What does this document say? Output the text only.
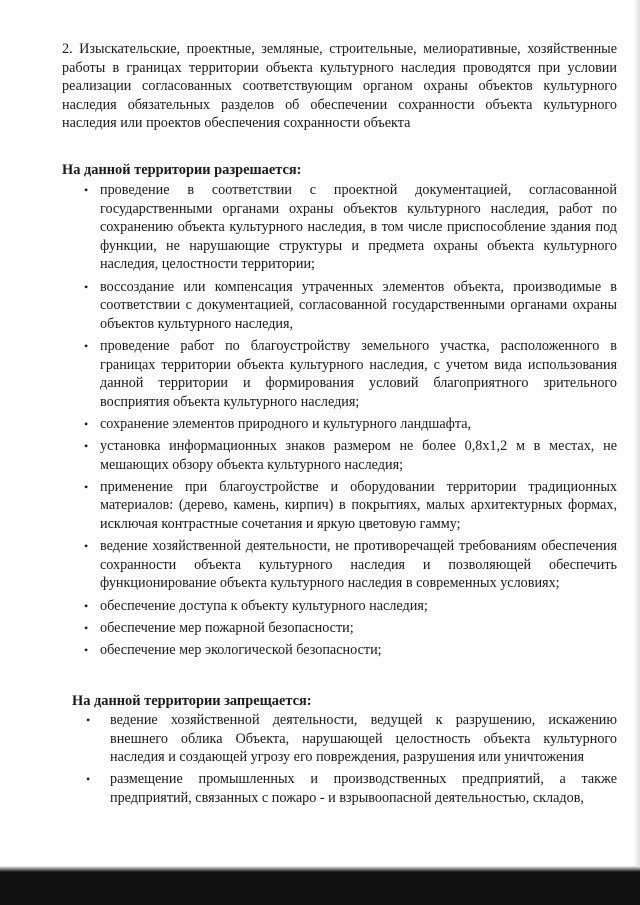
2. Изыскательские, проектные, земляные, строительные, мелиоративные, хозяйственные работы в границах территории объекта культурного наследия проводятся при условии реализации согласованных соответствующим органом охраны объектов культурного наследия обязательных разделов об обеспечении сохранности объекта культурного наследия или проектов обеспечения сохранности объекта

На данной территории разрешается:

• проведение в соответствии с проектной документацией, согласованной государственными органами охраны объектов культурного наследия, работ по сохранению объекта культурного наследия, в том числе приспособление здания под функции, не нарушающие структуры и предмета охраны объекта культурного наследия, целостности территории;
• воссоздание или компенсация утраченных элементов объекта, производимые в соответствии с документацией, согласованной государственными органами охраны объектов культурного наследия,
• проведение работ по благоустройству земельного участка, расположенного в границах территории объекта культурного наследия, с учетом вида использования данной территории и формирования условий благоприятного зрительного восприятия объекта культурного наследия;
• сохранение элементов природного и культурного ландшафта,
• установка информационных знаков размером не более 0,8х1,2 м в местах, не мешающих обзору объекта культурного наследия;
• применение при благоустройстве и оборудовании территории традиционных материалов: (дерево, камень, кирпич) в покрытиях, малых архитектурных формах, исключая контрастные сочетания и яркую цветовую гамму;
• ведение хозяйственной деятельности, не противоречащей требованиям обеспечения сохранности объекта культурного наследия и позволяющей обеспечить функционирование объекта культурного наследия в современных условиях;
• обеспечение доступа к объекту культурного наследия;
• обеспечение мер пожарной безопасности;
• обеспечение мер экологической безопасности;

На данной территории запрещается:

• ведение хозяйственной деятельности, ведущей к разрушению, искажению внешнего облика Объекта, нарушающей целостность объекта культурного наследия и создающей угрозу его повреждения, разрушения или уничтожения
• размещение промышленных и производственных предприятий, а также предприятий, связанных с пожаро - и взрывоопасной деятельностью, складов,
